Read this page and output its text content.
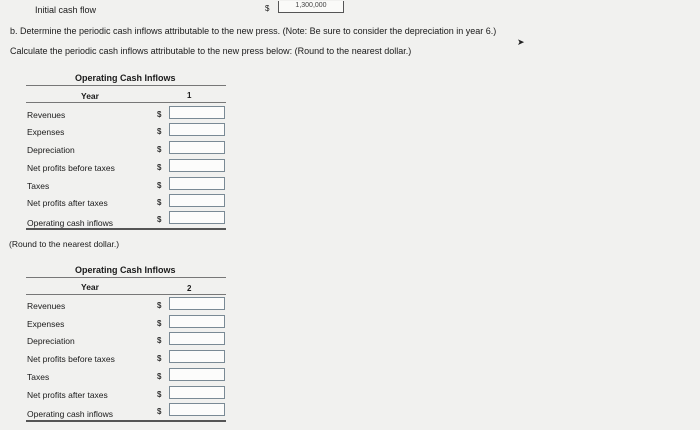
Initial cash flow	$	1,300,000
b. Determine the periodic cash inflows attributable to the new press. (Note: Be sure to consider the depreciation in year 6.)
Calculate the periodic cash inflows attributable to the new press below: (Round to the nearest dollar.)
➤
Operating Cash Inflows
Year	1
Revenues	$
Expenses	$
Depreciation	$
Net profits before taxes	$
Taxes	$
Net profits after taxes	$
Operating cash inflows	$
(Round to the nearest dollar.)
Operating Cash Inflows
Year	2
Revenues	$
Expenses	$
Depreciation	$
Net profits before taxes	$
Taxes	$
Net profits after taxes	$
Operating cash inflows	$
